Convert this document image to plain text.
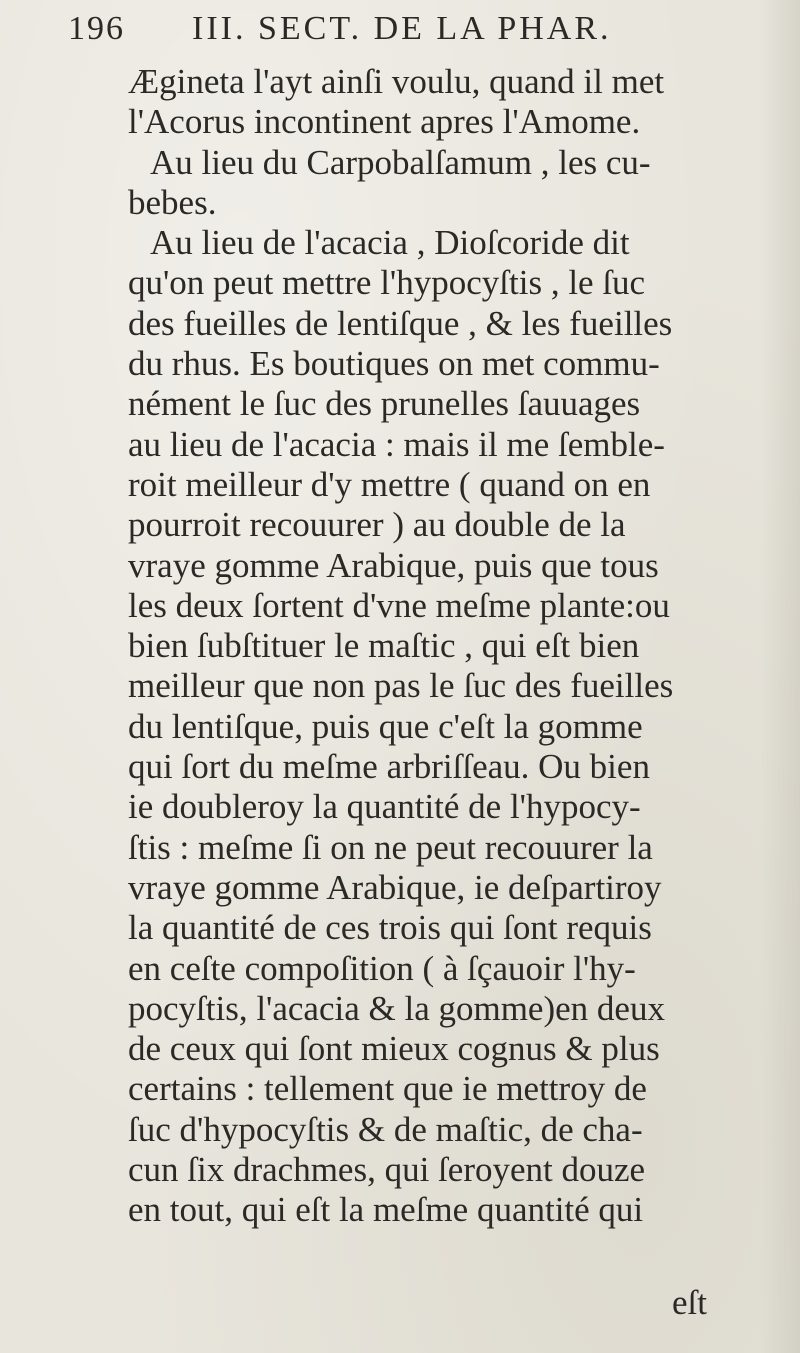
196 III. SECT. DE LA PHAR.
Ægineta l'ayt ainſi voulu, quand il met
l'Acorus incontinent apres l'Amome.
Au lieu du Carpobalſamum , les cu-
bebes.
Au lieu de l'acacia , Dioſcoride dit
qu'on peut mettre l'hypocyſtis , le ſuc
des fueilles de lentiſque , & les fueilles
du rhus. Es boutiques on met commu-
nément le ſuc des prunelles ſauuages
au lieu de l'acacia : mais il me ſemble-
roit meilleur d'y mettre ( quand on en
pourroit recouurer ) au double de la
vraye gomme Arabique, puis que tous
les deux ſortent d'vne meſme plante:ou
bien ſubſtituer le maſtic , qui eſt bien
meilleur que non pas le ſuc des fueilles
du lentiſque, puis que c'eſt la gomme
qui ſort du meſme arbriſſeau. Ou bien
ie doubleroy la quantité de l'hypocy-
ſtis : meſme ſi on ne peut recouurer la
vraye gomme Arabique, ie deſpartiroy
la quantité de ces trois qui ſont requis
en ceſte compoſition ( à ſçauoir l'hy-
pocyſtis, l'acacia & la gomme)en deux
de ceux qui ſont mieux cognus & plus
certains : tellement que ie mettroy de
ſuc d'hypocyſtis & de maſtic, de cha-
cun ſix drachmes, qui ſeroyent douze
en tout, qui eſt la meſme quantité qui
eſt
